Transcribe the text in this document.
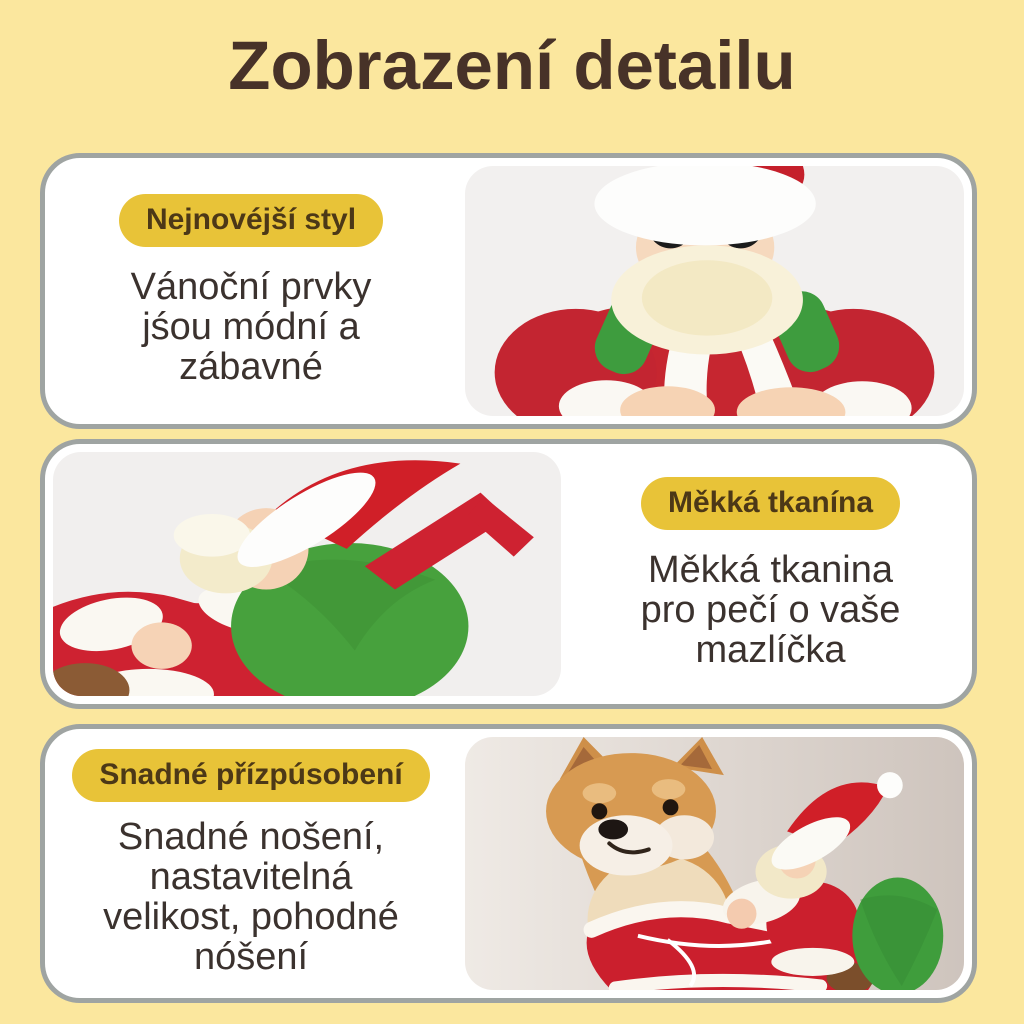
Zobrazení detailu
Nejnovéjší styl
Vánoční prvky
jśou módní a
zábavné
Měkká tkanína
Měkká tkanina
pro pečí o vaše
mazlíčka
Snadné přízpúsobení
Snadné nošení,
nastavitelná
velikost, pohodné
nóšení
